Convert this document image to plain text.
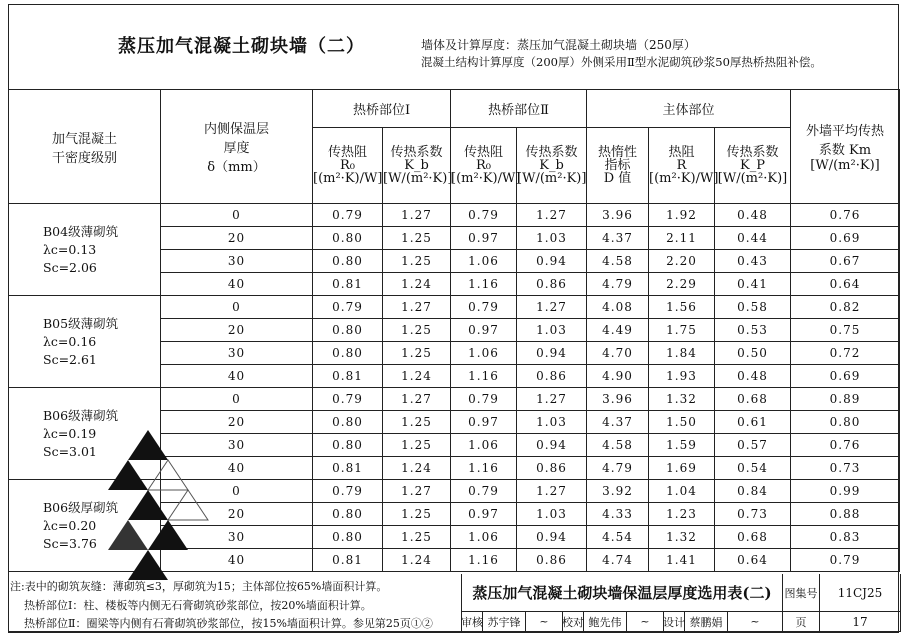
蒸压加气混凝土砌块墙（二）	墙体及计算厚度：蒸压加气混凝土砌块墙（250厚）
混凝土结构计算厚度（200厚）外侧采用Ⅱ型水泥砌筑砂浆50厚热桥热阻补偿。
加气混凝土
干密度级别	内侧保温层
厚度
δ（mm）	热桥部位Ⅰ		热桥部位Ⅱ		主体部位			外墙平均传热
系数 Km
[W/(m²·K)]
		传热阻
R₀
[(m²·K)/W]	传热系数
K_b
[W/(m²·K)]	传热阻
R₀
[(m²·K)/W]	传热系数
K_b
[W/(m²·K)]	热惰性
指标
D 值	热阻
R
[(m²·K)/W]	传热系数
K_P
[W/(m²·K)]	
B04级薄砌筑
λc=0.13
Sc=2.06	0	0.79	1.27	0.79	1.27	3.96	1.92	0.48	0.76
	20	0.80	1.25	0.97	1.03	4.37	2.11	0.44	0.69
	30	0.80	1.25	1.06	0.94	4.58	2.20	0.43	0.67
	40	0.81	1.24	1.16	0.86	4.79	2.29	0.41	0.64
B05级薄砌筑
λc=0.16
Sc=2.61	0	0.79	1.27	0.79	1.27	4.08	1.56	0.58	0.82
	20	0.80	1.25	0.97	1.03	4.49	1.75	0.53	0.75
	30	0.80	1.25	1.06	0.94	4.70	1.84	0.50	0.72
	40	0.81	1.24	1.16	0.86	4.90	1.93	0.48	0.69
B06级薄砌筑
λc=0.19
Sc=3.01	0	0.79	1.27	0.79	1.27	3.96	1.32	0.68	0.89
	20	0.80	1.25	0.97	1.03	4.37	1.50	0.61	0.80
	30	0.80	1.25	1.06	0.94	4.58	1.59	0.57	0.76
	40	0.81	1.24	1.16	0.86	4.79	1.69	0.54	0.73
B06级厚砌筑
λc=0.20
Sc=3.76	0	0.79	1.27	0.79	1.27	3.92	1.04	0.84	0.99
	20	0.80	1.25	0.97	1.03	4.33	1.23	0.73	0.88
	30	0.80	1.25	1.06	0.94	4.54	1.32	0.68	0.83
	40	0.81	1.24	1.16	0.86	4.74	1.41	0.64	0.79
注:表中的砌筑灰缝：薄砌筑≤3，厚砌筑为15；主体部位按65%墙面积计算。
热桥部位Ⅰ：柱、楼板等内侧无石膏砌筑砂浆部位，按20%墙面积计算。
热桥部位Ⅱ：圈梁等内侧有石膏砌筑砂浆部位，按15%墙面积计算。参见第25页①②
蒸压加气混凝土砌块墙保温层厚度选用表(二) 图集号	11CJ25
审核 苏宇锋	~	校对 鲍先伟	~	设计 蔡鹏娟	~	页	17
